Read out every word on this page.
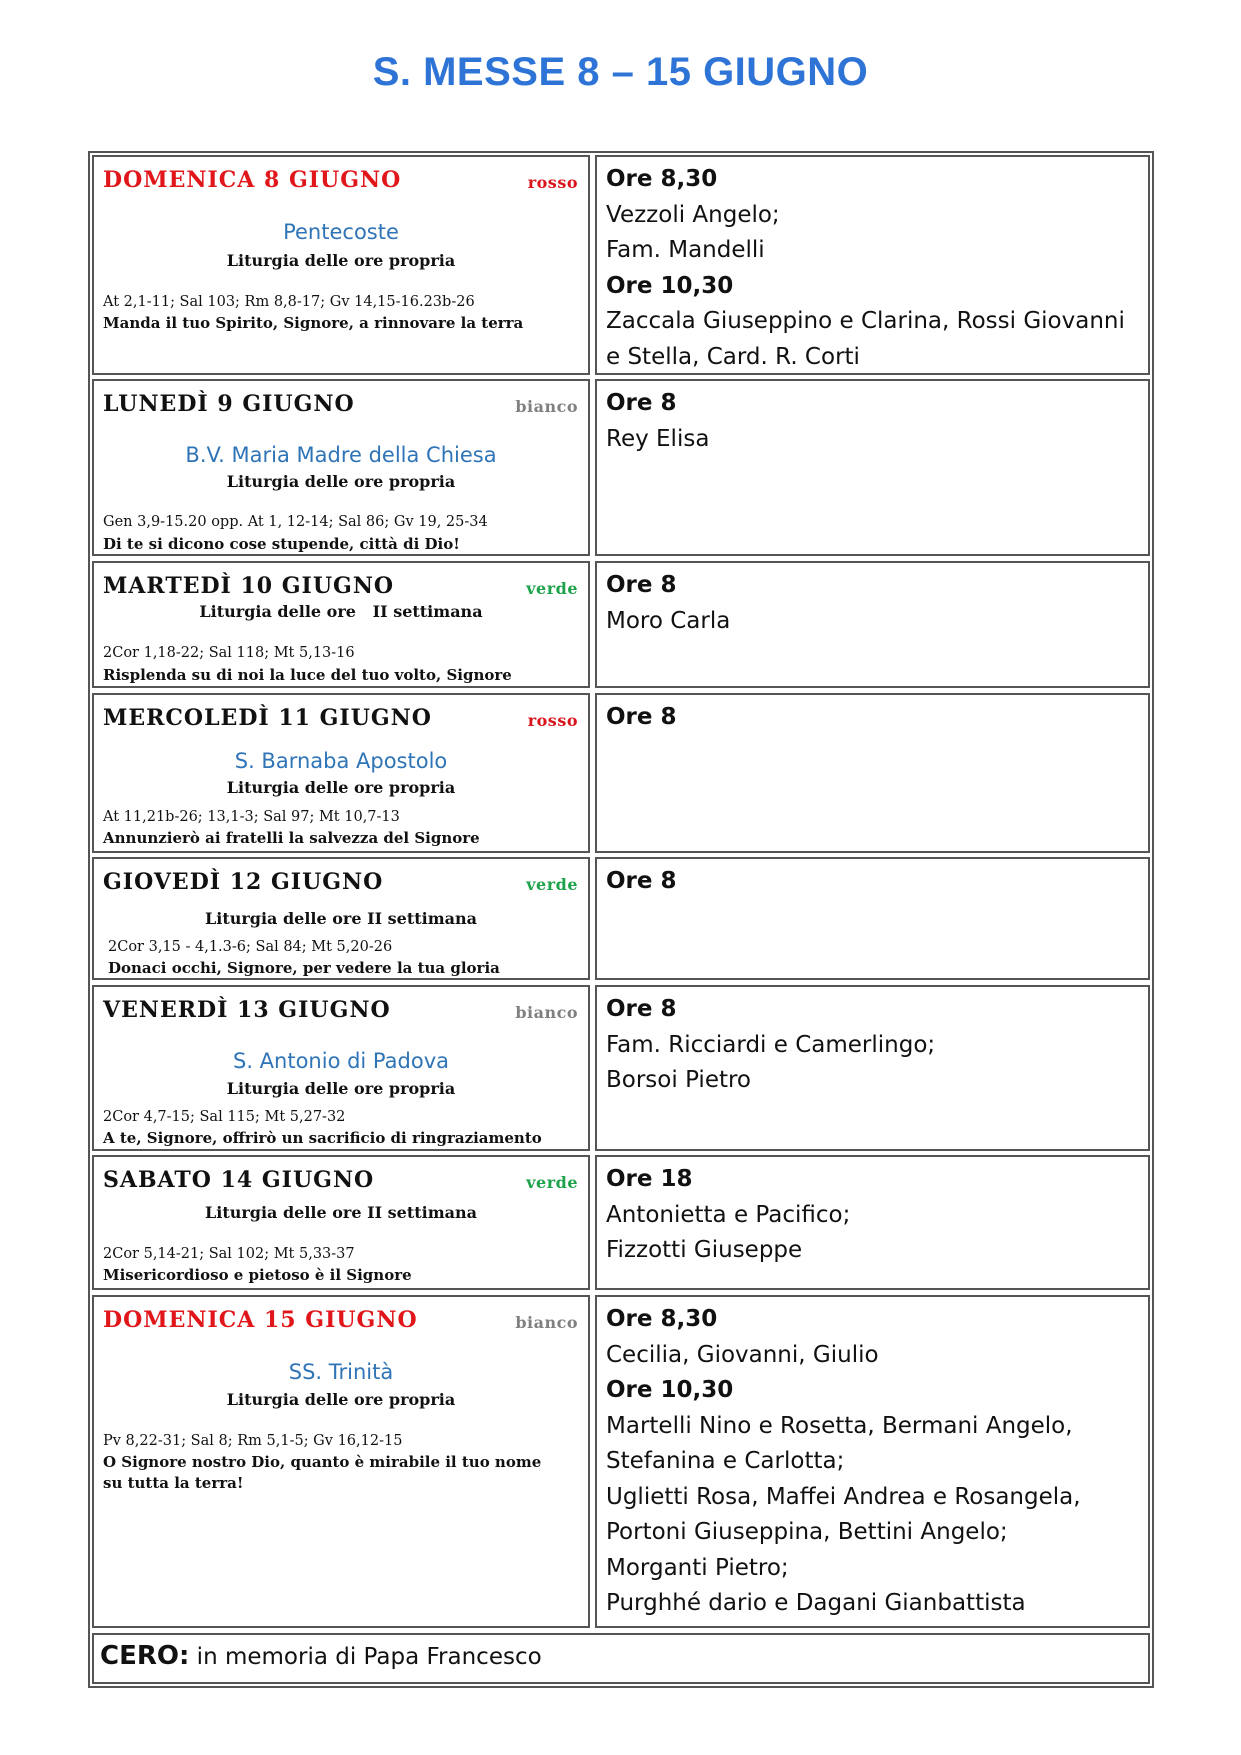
S. MESSE 8 – 15 GIUGNO
DOMENICA 8 GIUGNO	rosso
Pentecoste
Liturgia delle ore propria
At 2,1-11; Sal 103; Rm 8,8-17; Gv 14,15-16.23b-26
Manda il tuo Spirito, Signore, a rinnovare la terra
Ore 8,30
Vezzoli Angelo;
Fam. Mandelli
Ore 10,30
Zaccala Giuseppino e Clarina, Rossi Giovanni e Stella, Card. R. Corti
LUNEDÌ 9 GIUGNO	bianco
B.V. Maria Madre della Chiesa
Liturgia delle ore propria
Gen 3,9-15.20 opp. At 1, 12-14; Sal 86; Gv 19, 25-34
Di te si dicono cose stupende, città di Dio!
Ore 8
Rey Elisa
MARTEDÌ 10 GIUGNO	verde
Liturgia delle ore   II settimana
2Cor 1,18-22; Sal 118; Mt 5,13-16
Risplenda su di noi la luce del tuo volto, Signore
Ore 8
Moro Carla
MERCOLEDÌ 11 GIUGNO	rosso
S. Barnaba Apostolo
Liturgia delle ore propria
At 11,21b-26; 13,1-3; Sal 97; Mt 10,7-13
Annunzierò ai fratelli la salvezza del Signore
Ore 8
GIOVEDÌ 12 GIUGNO	verde
Liturgia delle ore II settimana
2Cor 3,15 - 4,1.3-6; Sal 84; Mt 5,20-26
Donaci occhi, Signore, per vedere la tua gloria
Ore 8
VENERDÌ 13 GIUGNO	bianco
S. Antonio di Padova
Liturgia delle ore propria
2Cor 4,7-15; Sal 115; Mt 5,27-32
A te, Signore, offrirò un sacrificio di ringraziamento
Ore 8
Fam. Ricciardi e Camerlingo;
Borsoi Pietro
SABATO 14 GIUGNO	verde
Liturgia delle ore II settimana
2Cor 5,14-21; Sal 102; Mt 5,33-37
Misericordioso e pietoso è il Signore
Ore 18
Antonietta e Pacifico;
Fizzotti Giuseppe
DOMENICA 15 GIUGNO	bianco
SS. Trinità
Liturgia delle ore propria
Pv 8,22-31; Sal 8; Rm 5,1-5; Gv 16,12-15
O Signore nostro Dio, quanto è mirabile il tuo nome su tutta la terra!
Ore 8,30
Cecilia, Giovanni, Giulio
Ore 10,30
Martelli Nino e Rosetta, Bermani Angelo, Stefanina e Carlotta;
Uglietti Rosa, Maffei Andrea e Rosangela, Portoni Giuseppina, Bettini Angelo;
Morganti Pietro;
Purghhé dario e Dagani Gianbattista
CERO: in memoria di Papa Francesco
